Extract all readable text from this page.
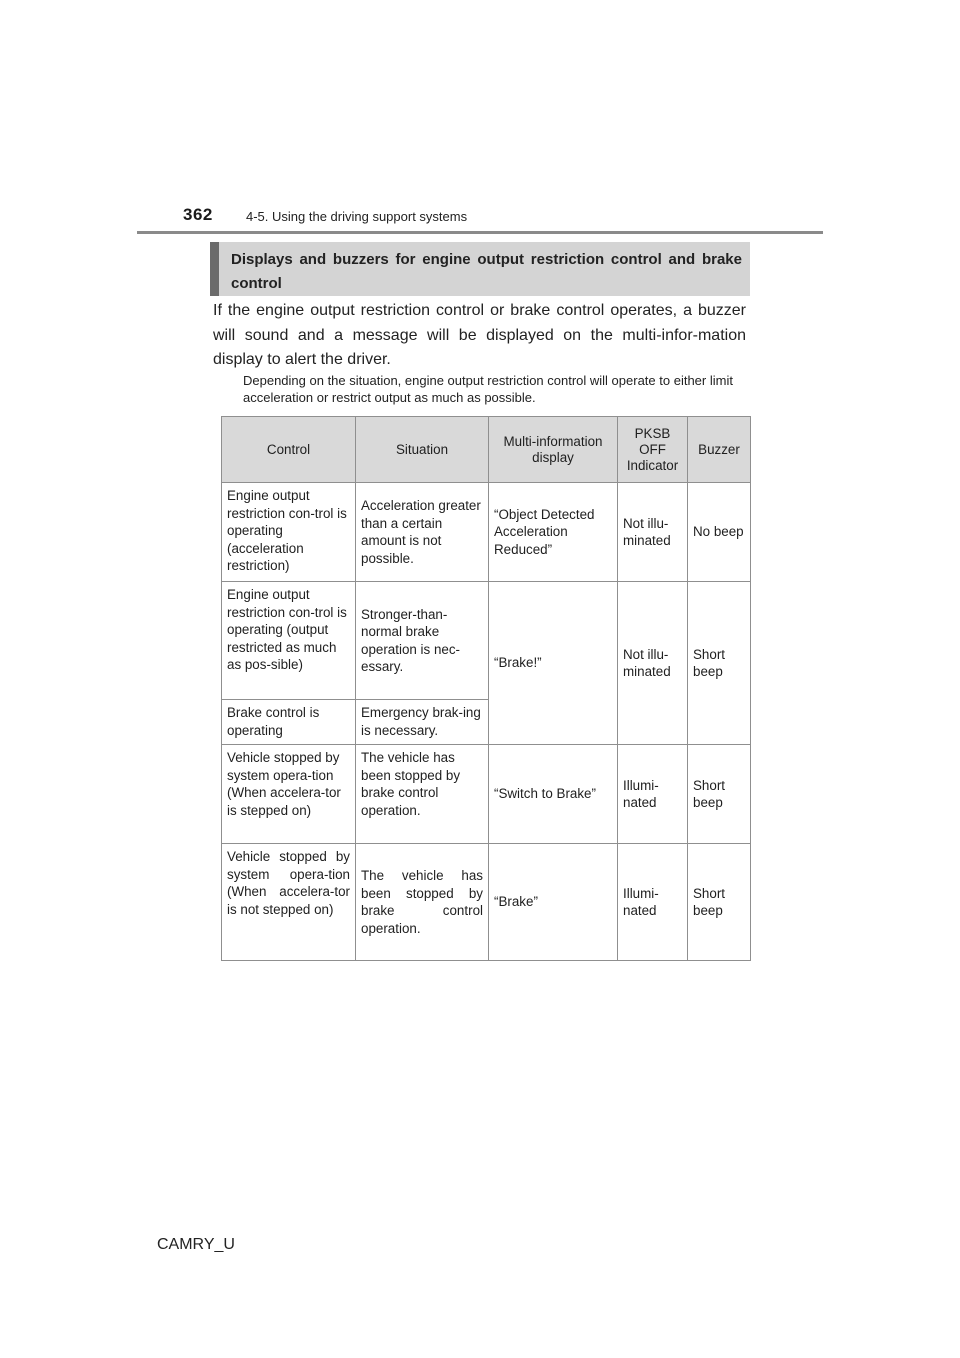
362	4-5. Using the driving support systems
Displays and buzzers for engine output restriction control and brake control
If the engine output restriction control or brake control operates, a buzzer will sound and a message will be displayed on the multi-infor-mation display to alert the driver.
Depending on the situation, engine output restriction control will operate to either limit acceleration or restrict output as much as possible.
Control	Situation	Multi-information display	PKSB OFF Indicator	Buzzer
Engine output restriction con-trol is operating (acceleration restriction)	Acceleration greater than a certain amount is not possible.	“Object Detected Acceleration Reduced”	Not illu-minated	No beep
Engine output restriction con-trol is operating (output restricted as much as pos-sible)	Stronger-than-normal brake operation is nec-essary.	“Brake!”	Not illu-minated	Short beep
Brake control is operating	Emergency brak-ing is necessary.			
Vehicle stopped by system opera-tion (When accelera-tor is stepped on)	The vehicle has been stopped by brake control operation.	“Switch to Brake”	Illumi-nated	Short beep
Vehicle stopped by system opera-tion (When accelera-tor is not stepped on)	The vehicle has been stopped by brake control operation.	“Brake”	Illumi-nated	Short beep
CAMRY_U
